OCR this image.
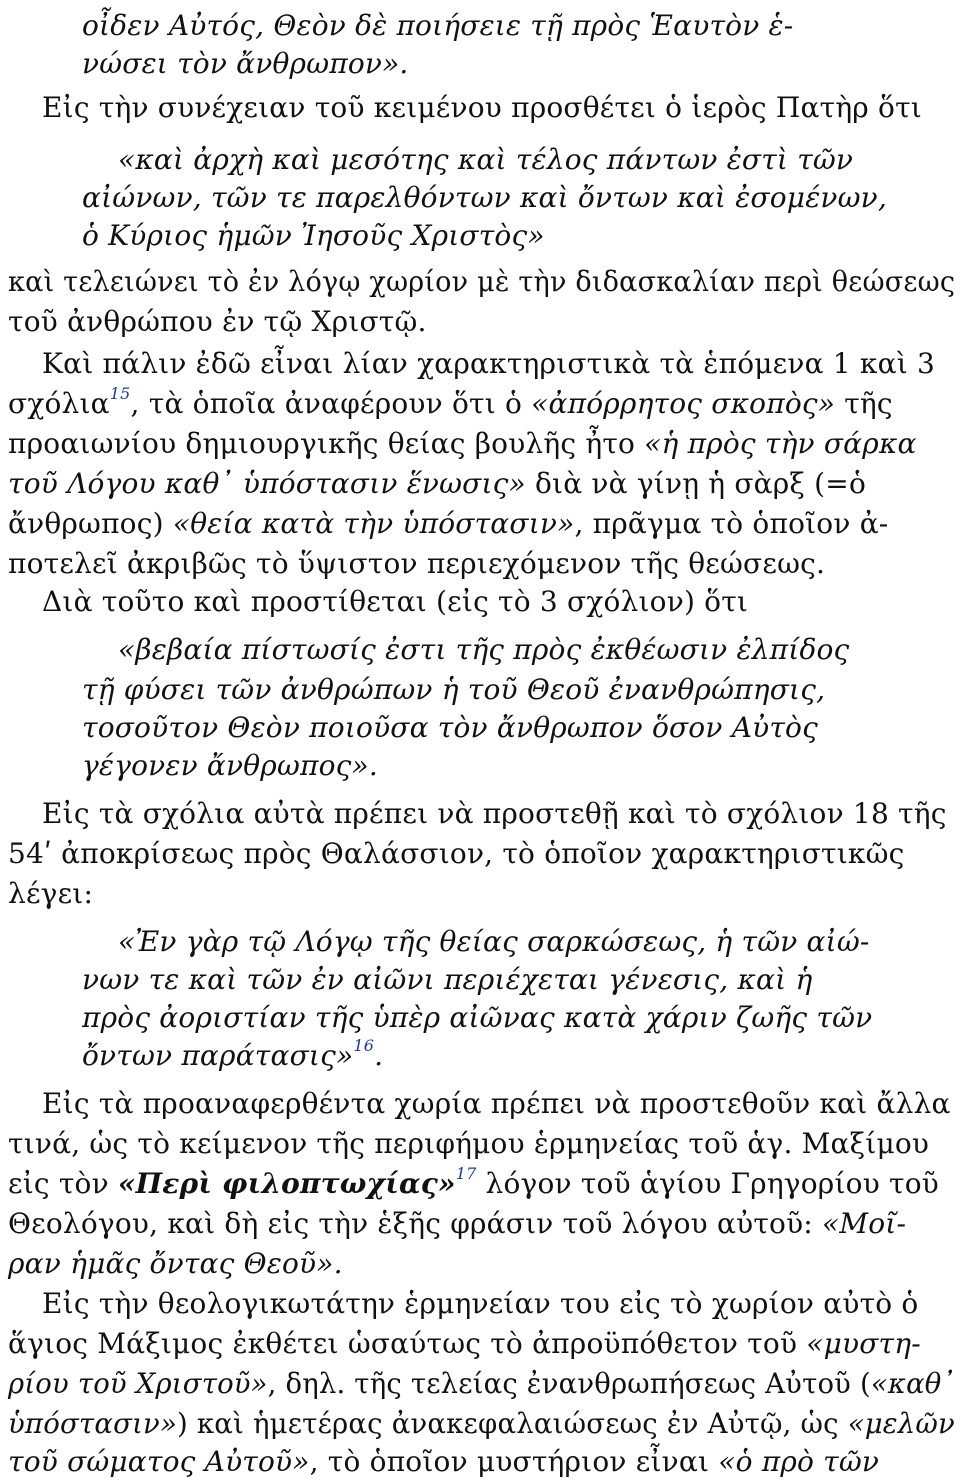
οἶδεν Αὐτός, Θεὸν δὲ ποιήσειε τῇ πρὸς Ἑαυτὸν ἑ-
νώσει τὸν ἄνθρωπον».
Εἰς τὴν συνέχειαν τοῦ κειμένου προσθέτει ὁ ἱερὸς Πατὴρ ὅτι
«καὶ ἀρχὴ καὶ μεσότης καὶ τέλος πάντων ἐστὶ τῶν
αἰώνων, τῶν τε παρελθόντων καὶ ὄντων καὶ ἐσομένων,
ὁ Κύριος ἡμῶν Ἰησοῦς Χριστὸς»
καὶ τελειώνει τὸ ἐν λόγῳ χωρίον μὲ τὴν διδασκαλίαν περὶ θεώσεως
τοῦ ἀνθρώπου ἐν τῷ Χριστῷ.
Καὶ πάλιν ἐδῶ εἶναι λίαν χαρακτηριστικὰ τὰ ἑπόμενα 1 καὶ 3
σχόλια$^{15}$, τὰ ὁποῖα ἀναφέρουν ὅτι ὁ «ἀπόρρητος σκοπὸς» τῆς
προαιωνίου δημιουργικῆς θείας βουλῆς ἦτο «ἡ πρὸς τὴν σάρκα
τοῦ Λόγου καθ᾽ ὑπόστασιν ἕνωσις» διὰ νὰ γίνῃ ἡ σὰρξ (=ὁ
ἄνθρωπος) «θεία κατὰ τὴν ὑπόστασιν», πρᾶγμα τὸ ὁποῖον ἀ-
ποτελεῖ ἀκριβῶς τὸ ὕψιστον περιεχόμενον τῆς θεώσεως.
Διὰ τοῦτο καὶ προστίθεται (εἰς τὸ 3 σχόλιον) ὅτι
«βεβαία πίστωσίς ἐστι τῆς πρὸς ἐκθέωσιν ἐλπίδος
τῇ φύσει τῶν ἀνθρώπων ἡ τοῦ Θεοῦ ἐνανθρώπησις,
τοσοῦτον Θεὸν ποιοῦσα τὸν ἄνθρωπον ὅσον Αὐτὸς
γέγονεν ἄνθρωπος».
Εἰς τὰ σχόλια αὐτὰ πρέπει νὰ προστεθῇ καὶ τὸ σχόλιον 18 τῆς
54ʹ ἀποκρίσεως πρὸς Θαλάσσιον, τὸ ὁποῖον χαρακτηριστικῶς
λέγει:
«Ἐν γὰρ τῷ Λόγῳ τῆς θείας σαρκώσεως, ἡ τῶν αἰώ-
νων τε καὶ τῶν ἐν αἰῶνι περιέχεται γένεσις, καὶ ἡ
πρὸς ἀοριστίαν τῆς ὑπὲρ αἰῶνας κατὰ χάριν ζωῆς τῶν
ὄντων παράτασις»$^{16}$.
Εἰς τὰ προαναφερθέντα χωρία πρέπει νὰ προστεθοῦν καὶ ἄλλα
τινά, ὡς τὸ κείμενον τῆς περιφήμου ἑρμηνείας τοῦ ἁγ. Μαξίμου
εἰς τὸν «Περὶ φιλοπτωχίας»$^{17}$ λόγον τοῦ ἁγίου Γρηγορίου τοῦ
Θεολόγου, καὶ δὴ εἰς τὴν ἑξῆς φράσιν τοῦ λόγου αὐτοῦ: «Μοῖ-
ραν ἡμᾶς ὄντας Θεοῦ».
Εἰς τὴν θεολογικωτάτην ἑρμηνείαν του εἰς τὸ χωρίον αὐτὸ ὁ
ἅγιος Μάξιμος ἐκθέτει ὡσαύτως τὸ ἀπροϋπόθετον τοῦ «μυστη-
ρίου τοῦ Χριστοῦ», δηλ. τῆς τελείας ἐνανθρωπήσεως Αὐτοῦ («καθ᾽
ὑπόστασιν») καὶ ἡμετέρας ἀνακεφαλαιώσεως ἐν Αὐτῷ, ὡς «μελῶν
τοῦ σώματος Αὐτοῦ», τὸ ὁποῖον μυστήριον εἶναι «ὁ πρὸ τῶν
